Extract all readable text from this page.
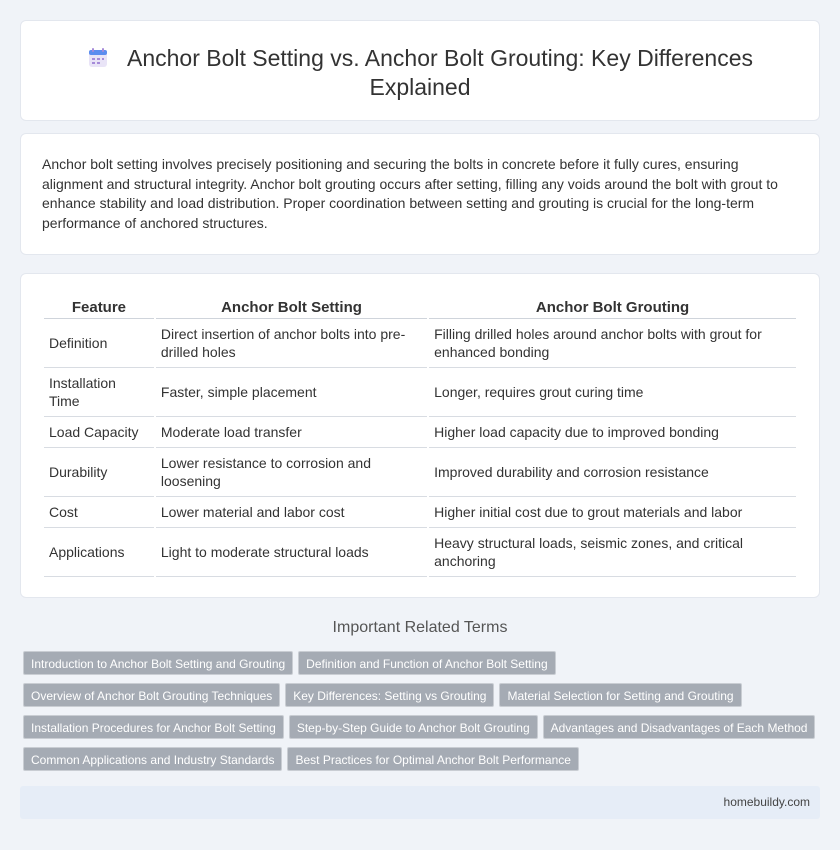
Anchor Bolt Setting vs. Anchor Bolt Grouting: Key Differences Explained

Anchor bolt setting involves precisely positioning and securing the bolts in concrete before it fully cures, ensuring alignment and structural integrity. Anchor bolt grouting occurs after setting, filling any voids around the bolt with grout to enhance stability and load distribution. Proper coordination between setting and grouting is crucial for the long-term performance of anchored structures.

Feature	Anchor Bolt Setting	Anchor Bolt Grouting
Definition	Direct insertion of anchor bolts into pre-drilled holes	Filling drilled holes around anchor bolts with grout for enhanced bonding
Installation Time	Faster, simple placement	Longer, requires grout curing time
Load Capacity	Moderate load transfer	Higher load capacity due to improved bonding
Durability	Lower resistance to corrosion and loosening	Improved durability and corrosion resistance
Cost	Lower material and labor cost	Higher initial cost due to grout materials and labor
Applications	Light to moderate structural loads	Heavy structural loads, seismic zones, and critical anchoring
Important Related Terms
Introduction to Anchor Bolt Setting and Grouting Definition and Function of Anchor Bolt Setting
Overview of Anchor Bolt Grouting Techniques Key Differences: Setting vs Grouting Material Selection for Setting and Grouting
Installation Procedures for Anchor Bolt Setting Step-by-Step Guide to Anchor Bolt Grouting Advantages and Disadvantages of Each Method
Common Applications and Industry Standards Best Practices for Optimal Anchor Bolt Performance
homebuildy.com
